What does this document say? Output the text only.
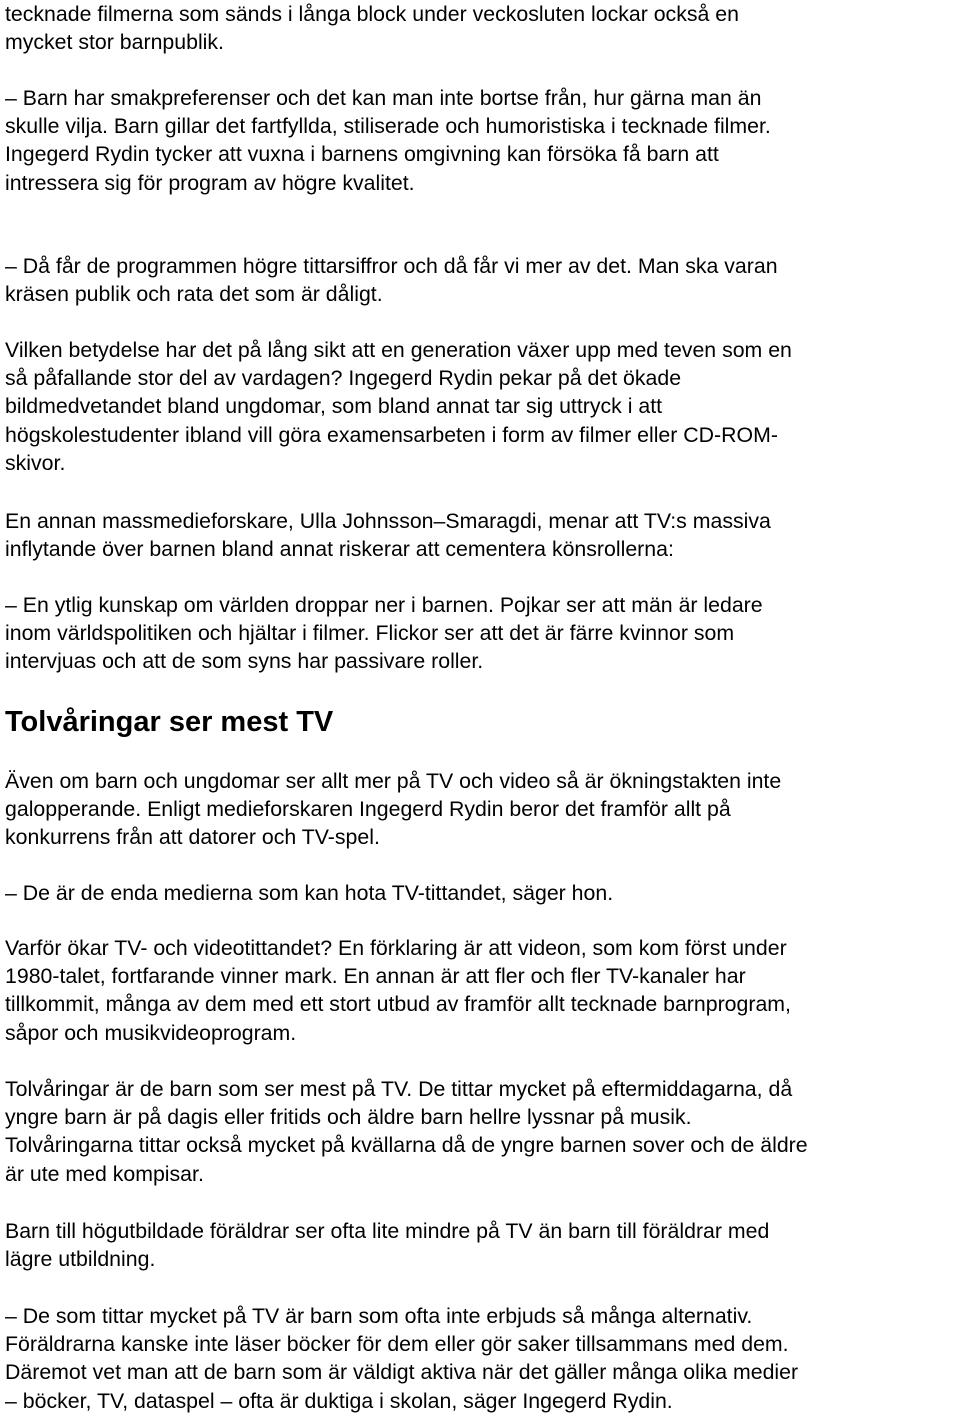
tecknade filmerna som sänds i långa block under veckosluten lockar också en
mycket stor barnpublik.

– Barn har smakpreferenser och det kan man inte bortse från, hur gärna man än
skulle vilja. Barn gillar det fartfyllda, stiliserade och humoristiska i tecknade filmer.
Ingegerd Rydin tycker att vuxna i barnens omgivning kan försöka få barn att
intressera sig för program av högre kvalitet.

– Då får de programmen högre tittarsiffror och då får vi mer av det. Man ska varan
kräsen publik och rata det som är dåligt.

Vilken betydelse har det på lång sikt att en generation växer upp med teven som en
så påfallande stor del av vardagen? Ingegerd Rydin pekar på det ökade
bildmedvetandet bland ungdomar, som bland annat tar sig uttryck i att
högskolestudenter ibland vill göra examensarbeten i form av filmer eller CD-ROM-
skivor.

En annan massmedieforskare, Ulla Johnsson–Smaragdi, menar att TV:s massiva
inflytande över barnen bland annat riskerar att cementera könsrollerna:

– En ytlig kunskap om världen droppar ner i barnen. Pojkar ser att män är ledare
inom världspolitiken och hjältar i filmer. Flickor ser att det är färre kvinnor som
intervjuas och att de som syns har passivare roller.

Tolvåringar ser mest TV

Även om barn och ungdomar ser allt mer på TV och video så är ökningstakten inte
galopperande. Enligt medieforskaren Ingegerd Rydin beror det framför allt på
konkurrens från att datorer och TV-spel.

– De är de enda medierna som kan hota TV-tittandet, säger hon.

Varför ökar TV- och videotittandet? En förklaring är att videon, som kom först under
1980-talet, fortfarande vinner mark. En annan är att fler och fler TV-kanaler har
tillkommit, många av dem med ett stort utbud av framför allt tecknade barnprogram,
såpor och musikvideoprogram.

Tolvåringar är de barn som ser mest på TV. De tittar mycket på eftermiddagarna, då
yngre barn är på dagis eller fritids och äldre barn hellre lyssnar på musik.
Tolvåringarna tittar också mycket på kvällarna då de yngre barnen sover och de äldre
är ute med kompisar.

Barn till högutbildade föräldrar ser ofta lite mindre på TV än barn till föräldrar med
lägre utbildning.

– De som tittar mycket på TV är barn som ofta inte erbjuds så många alternativ.
Föräldrarna kanske inte läser böcker för dem eller gör saker tillsammans med dem.
Däremot vet man att de barn som är väldigt aktiva när det gäller många olika medier
– böcker, TV, dataspel – ofta är duktiga i skolan, säger Ingegerd Rydin.
